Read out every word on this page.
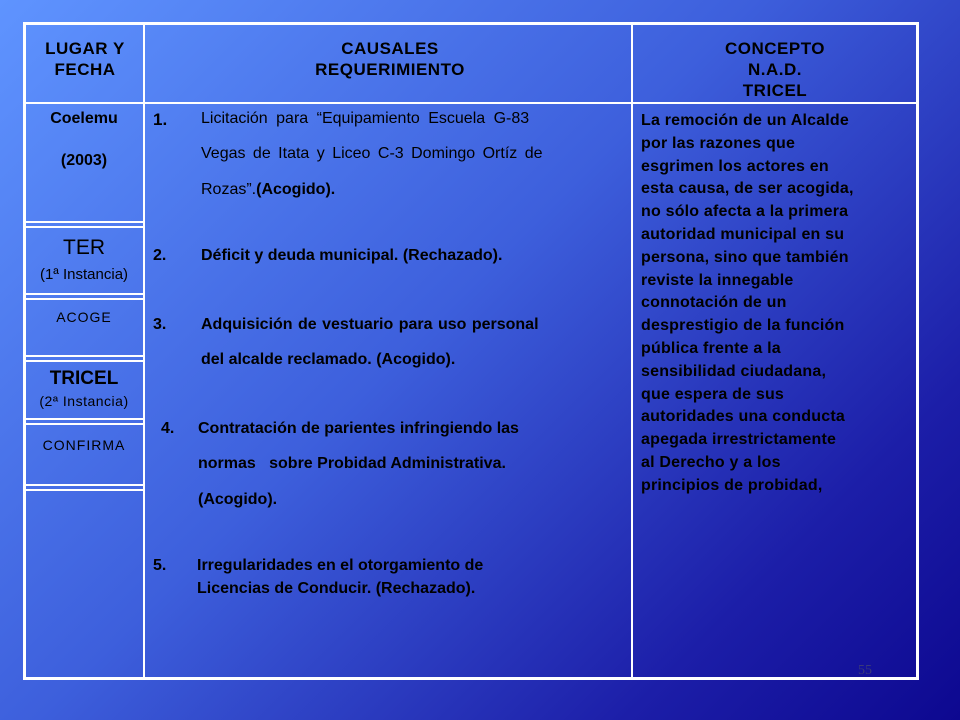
LUGAR Y
FECHA
CAUSALES
REQUERIMIENTO
CONCEPTO
N.A.D.
TRICEL
Coelemu
(2003)
TER
(1ª Instancia)
ACOGE
TRICEL
(2ª Instancia)
CONFIRMA
1. Licitación para “Equipamiento Escuela G-83
Vegas de Itata y Liceo C-3 Domingo Ortíz de
Rozas”.(Acogido).
2. Déficit y deuda municipal. (Rechazado).
3. Adquisición de vestuario para uso personal
del alcalde reclamado. (Acogido).
4. Contratación de parientes infringiendo las
normas   sobre Probidad Administrativa.
(Acogido).
5. Irregularidades en el otorgamiento de
Licencias de Conducir. (Rechazado).
La remoción de un Alcalde
por las razones que
esgrimen los actores en
esta causa, de ser acogida,
no sólo afecta a la primera
autoridad municipal en su
persona, sino que también
reviste la innegable
connotación de un
desprestigio de la función
pública frente a la
sensibilidad ciudadana,
que espera de sus
autoridades una conducta
apegada irrestrictamente
al Derecho y a los
principios de probidad,
55
